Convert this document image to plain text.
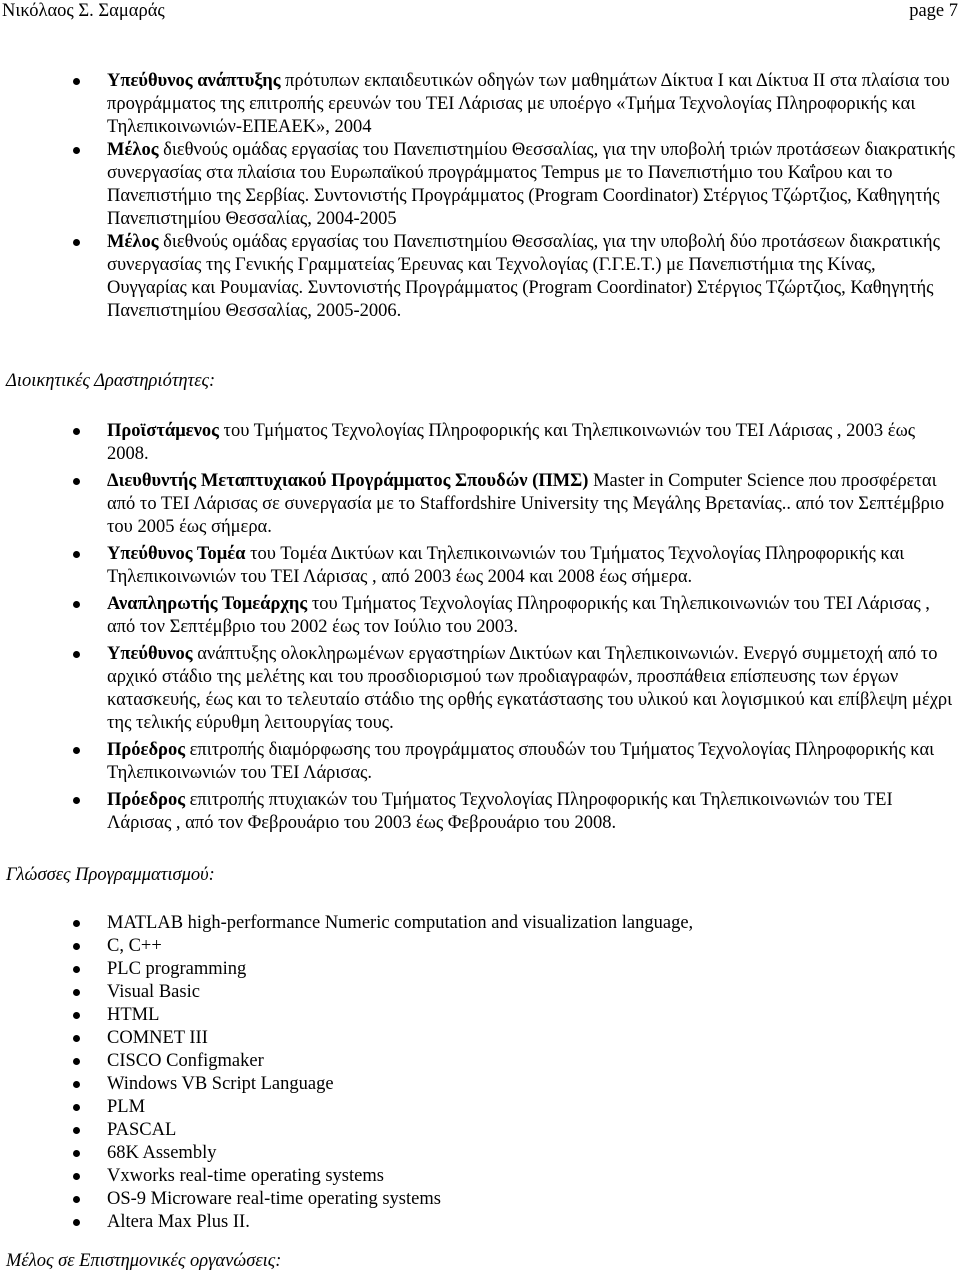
Νικόλαος Σ. Σαμαράς	page 7
Υπεύθυνος ανάπτυξης πρότυπων εκπαιδευτικών οδηγών των μαθημάτων Δίκτυα Ι και Δίκτυα ΙΙ στα πλαίσια του προγράμματος της επιτροπής ερευνών του ΤΕΙ Λάρισας με υποέργο «Τμήμα Τεχνολογίας Πληροφορικής και Τηλεπικοινωνιών-ΕΠΕΑΕΚ», 2004
Μέλος διεθνούς ομάδας εργασίας του Πανεπιστημίου Θεσσαλίας, για την υποβολή τριών προτάσεων διακρατικής συνεργασίας στα πλαίσια του Ευρωπαϊκού προγράμματος Tempus με το Πανεπιστήμιο του Καΐρου και το Πανεπιστήμιο της Σερβίας. Συντονιστής Προγράμματος (Program Coordinator) Στέργιος Τζώρτζιος, Καθηγητής Πανεπιστημίου Θεσσαλίας, 2004-2005
Μέλος διεθνούς ομάδας εργασίας του Πανεπιστημίου Θεσσαλίας, για την υποβολή δύο προτάσεων διακρατικής συνεργασίας της Γενικής Γραμματείας Έρευνας και Τεχνολογίας (Γ.Γ.Ε.Τ.) με Πανεπιστήμια της Κίνας, Ουγγαρίας και Ρουμανίας. Συντονιστής Προγράμματος (Program Coordinator) Στέργιος Τζώρτζιος, Καθηγητής Πανεπιστημίου Θεσσαλίας, 2005-2006.
Διοικητικές Δραστηριότητες:
Προϊστάμενος του Τμήματος Τεχνολογίας Πληροφορικής και Τηλεπικοινωνιών του ΤΕΙ Λάρισας , 2003 έως 2008.
Διευθυντής Μεταπτυχιακού Προγράμματος Σπουδών (ΠΜΣ) Master in Computer Science που προσφέρεται από το ΤΕΙ Λάρισας σε συνεργασία με το Staffordshire University της Μεγάλης Βρετανίας.. από τον Σεπτέμβριο του 2005 έως σήμερα.
Υπεύθυνος Τομέα του Τομέα Δικτύων και Τηλεπικοινωνιών του Τμήματος Τεχνολογίας Πληροφορικής και Τηλεπικοινωνιών του ΤΕΙ Λάρισας , από 2003 έως 2004 και 2008 έως σήμερα.
Αναπληρωτής Τομεάρχης του Τμήματος Τεχνολογίας Πληροφορικής και Τηλεπικοινωνιών του ΤΕΙ Λάρισας , από τον Σεπτέμβριο του 2002 έως τον Ιούλιο του 2003.
Υπεύθυνος ανάπτυξης ολοκληρωμένων εργαστηρίων Δικτύων και Τηλεπικοινωνιών. Ενεργό συμμετοχή από το αρχικό στάδιο της μελέτης και του προσδιορισμού των προδιαγραφών, προσπάθεια επίσπευσης των έργων κατασκευής, έως και το τελευταίο στάδιο της ορθής εγκατάστασης του υλικού και λογισμικού και επίβλεψη μέχρι της τελικής εύρυθμη λειτουργίας τους.
Πρόεδρος επιτροπής διαμόρφωσης του προγράμματος σπουδών του Τμήματος Τεχνολογίας Πληροφορικής και Τηλεπικοινωνιών του ΤΕΙ Λάρισας.
Πρόεδρος επιτροπής πτυχιακών του Τμήματος Τεχνολογίας Πληροφορικής και Τηλεπικοινωνιών του ΤΕΙ Λάρισας , από τον Φεβρουάριο του 2003 έως Φεβρουάριο του 2008.
Γλώσσες Προγραμματισμού:
MATLAB high-performance Numeric computation and visualization language,
C, C++
PLC programming
Visual Basic
HTML
COMNET III
CISCO Configmaker
Windows VB Script Language
PLM
PASCAL
68K Assembly
Vxworks real-time operating systems
OS-9 Microware real-time operating systems
Altera Max Plus II.
Μέλος σε Επιστημονικές οργανώσεις:
